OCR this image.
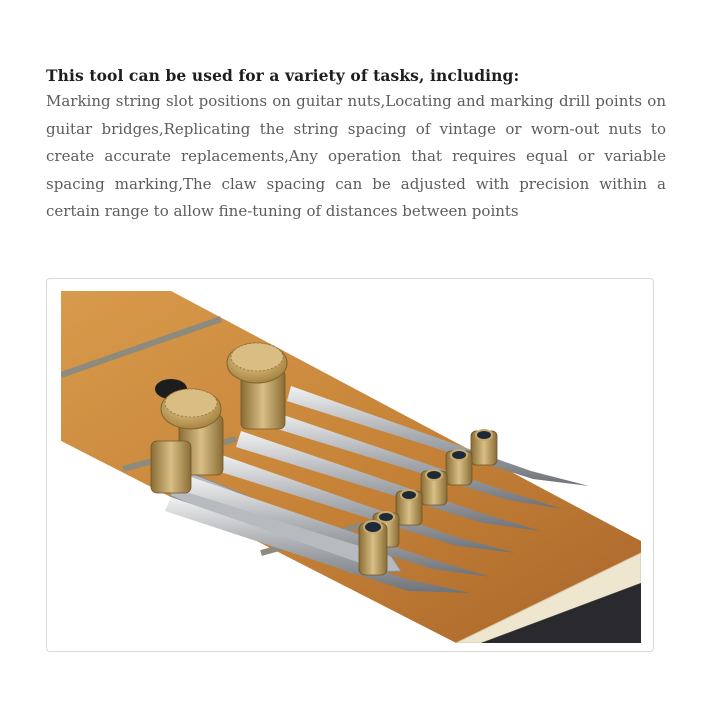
This tool can be used for a variety of tasks, including:

Marking string slot positions on guitar nuts,Locating and marking drill points on guitar bridges,Replicating the string spacing of vintage or worn-out nuts to create accurate replacements,Any operation that requires equal or variable spacing marking,The claw spacing can be adjusted with precision within a certain range to allow fine-tuning of distances between points
